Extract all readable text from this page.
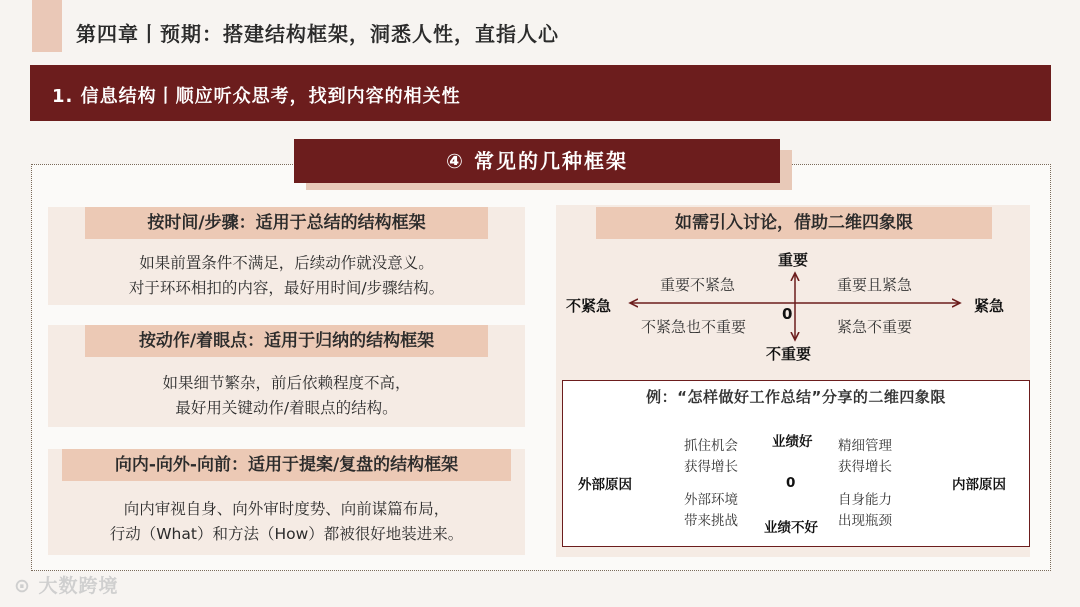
第四章丨预期：搭建结构框架，洞悉人性，直指人心
1. 信息结构丨顺应听众思考，找到内容的相关性
④ 常见的几种框架
按时间/步骤：适用于总结的结构框架
如果前置条件不满足，后续动作就没意义。
对于环环相扣的内容，最好用时间/步骤结构。
按动作/着眼点：适用于归纳的结构框架
如果细节繁杂，前后依赖程度不高，
最好用关键动作/着眼点的结构。
向内-向外-向前：适用于提案/复盘的结构框架
向内审视自身、向外审时度势、向前谋篇布局，
行动（What）和方法（How）都被很好地装进来。
如需引入讨论，借助二维四象限
重要
不重要
不紧急	紧急
0
重要不紧急	重要且紧急
不紧急也不重要	紧急不重要
例：“怎样做好工作总结”分享的二维四象限
业绩好
业绩不好
外部原因	内部原因
0
抓住机会
获得增长
精细管理
获得增长
外部环境
带来挑战
自身能力
出现瓶颈
⊙ 大数跨境
